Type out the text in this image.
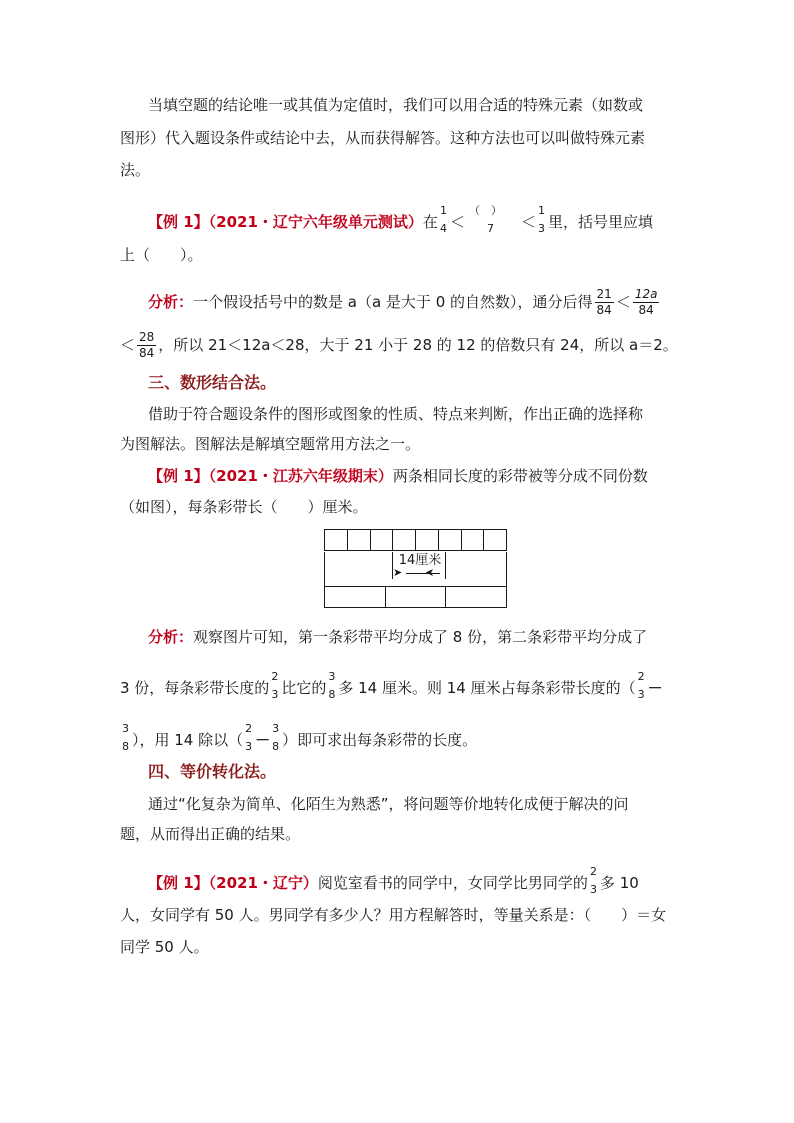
当填空题的结论唯一或其值为定值时，我们可以用合适的特殊元素（如数或
图形）代入题设条件或结论中去，从而获得解答。这种方法也可以叫做特殊元素
法。
【例 1】（2021・辽宁六年级单元测试）在
1
4 ＜
（　）
7 ＜
1
3 里，括号里应填
上（　　）。
分析：一个假设括号中的数是 a（a 是大于 0 的自然数），通分后得 $\frac{21}{84} < \frac{12a}{84}$
＜ $\frac{28}{84}$ ，所以 21＜12a＜28，大于 21 小于 28 的 12 的倍数只有 24，所以 a＝2。
三、数形结合法。
借助于符合题设条件的图形或图象的性质、特点来判断，作出正确的选择称
为图解法。图解法是解填空题常用方法之一。
【例 1】（2021・江苏六年级期末）两条相同长度的彩带被等分成不同份数
（如图），每条彩带长（　　）厘米。
14厘米
➤
分析：观察图片可知，第一条彩带平均分成了 8 份，第二条彩带平均分成了
3 份，每条彩带长度的
2
3 比它的
3
8 多 14 厘米。则 14 厘米占每条彩带长度的（
2
3 －
3
8 ），用 14 除以（
2
3 －
3
8 ）即可求出每条彩带的长度。
四、等价转化法。
通过“化复杂为简单、化陌生为熟悉”，将问题等价地转化成便于解决的问
题，从而得出正确的结果。
【例 1】（2021・辽宁）阅览室看书的同学中，女同学比男同学的
2
3 多 10
人，女同学有 50 人。男同学有多少人？用方程解答时，等量关系是：（　　）＝女
同学 50 人。
